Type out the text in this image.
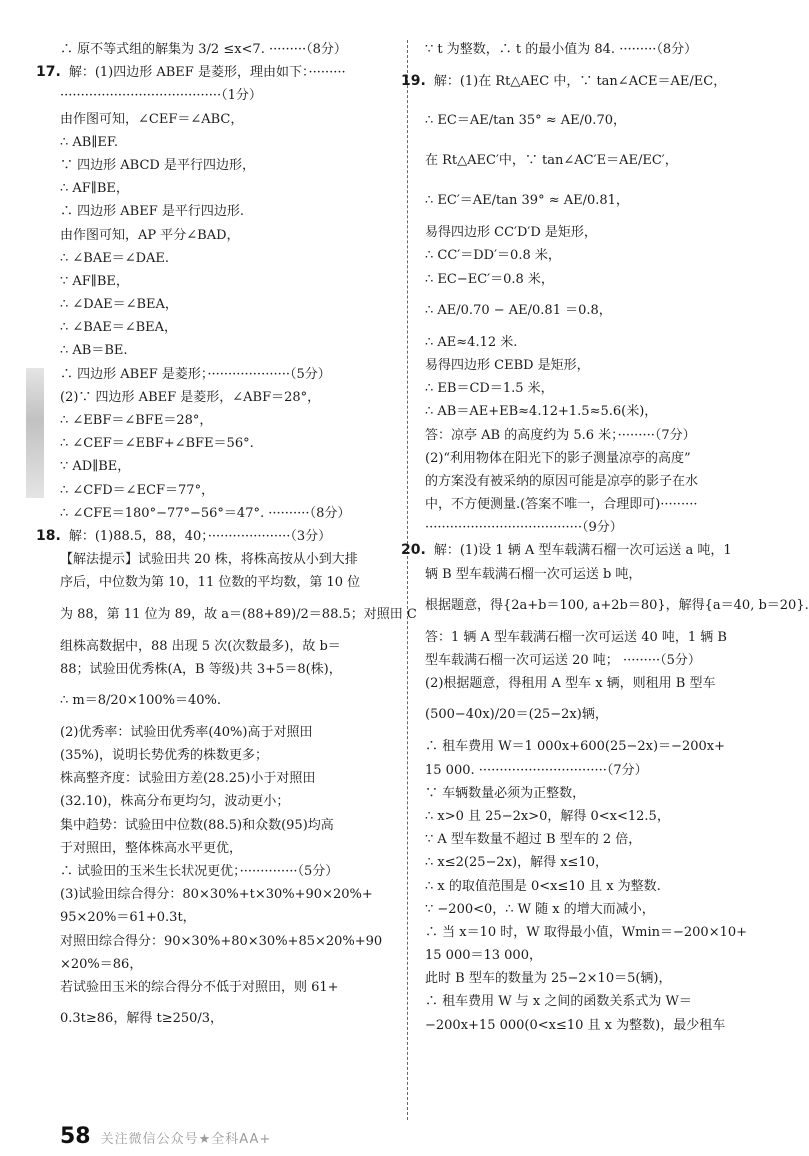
∴ 原不等式组的解集为 3/2 ≤x<7. ·········（8分）
17. 解：(1)四边形 ABEF 是菱形，理由如下：·········
·······································（1分）
由作图可知，∠CEF＝∠ABC，
∴ AB∥EF.
∵ 四边形 ABCD 是平行四边形，
∴ AF∥BE，
∴ 四边形 ABEF 是平行四边形.
由作图可知，AP 平分∠BAD，
∴ ∠BAE＝∠DAE.
∵ AF∥BE，
∴ ∠DAE＝∠BEA，
∴ ∠BAE＝∠BEA，
∴ AB＝BE.
∴ 四边形 ABEF 是菱形；····················（5分）
(2)∵ 四边形 ABEF 是菱形，∠ABF＝28°，
∴ ∠EBF＝∠BFE＝28°，
∴ ∠CEF＝∠EBF+∠BFE＝56°.
∵ AD∥BE，
∴ ∠CFD＝∠ECF＝77°，
∴ ∠CFE＝180°−77°−56°＝47°. ··········（8分）
18. 解：(1)88.5，88，40；····················（3分）
【解法提示】试验田共 20 株，将株高按从小到大排
序后，中位数为第 10，11 位数的平均数，第 10 位
为 88，第 11 位为 89，故 a＝(88+89)/2＝88.5；对照田 C
组株高数据中，88 出现 5 次(次数最多)，故 b＝
88；试验田优秀株(A，B 等级)共 3+5＝8(株)，
∴ m＝8/20×100%＝40%.
(2)优秀率：试验田优秀率(40%)高于对照田
(35%)，说明长势优秀的株数更多；
株高整齐度：试验田方差(28.25)小于对照田
(32.10)，株高分布更均匀，波动更小；
集中趋势：试验田中位数(88.5)和众数(95)均高
于对照田，整体株高水平更优，
∴ 试验田的玉米生长状况更优；··············（5分）
(3)试验田综合得分：80×30%+t×30%+90×20%+
95×20%＝61+0.3t，
对照田综合得分：90×30%+80×30%+85×20%+90
×20%＝86，
若试验田玉米的综合得分不低于对照田，则 61+
0.3t≥86，解得 t≥250/3，
∵ t 为整数，∴ t 的最小值为 84. ·········（8分）
19. 解：(1)在 Rt△AEC 中，∵ tan∠ACE＝AE/EC，
∴ EC＝AE/tan 35° ≈ AE/0.70，
在 Rt△AEC′中，∵ tan∠AC′E＝AE/EC′，
∴ EC′＝AE/tan 39° ≈ AE/0.81，
易得四边形 CC′D′D 是矩形，
∴ CC′＝DD′＝0.8 米，
∴ EC−EC′＝0.8 米，
∴ AE/0.70 − AE/0.81 ＝0.8，
∴ AE≈4.12 米.
易得四边形 CEBD 是矩形，
∴ EB＝CD＝1.5 米，
∴ AB＝AE+EB≈4.12+1.5≈5.6(米)，
答：凉亭 AB 的高度约为 5.6 米；·········（7分）
(2)“利用物体在阳光下的影子测量凉亭的高度”
的方案没有被采纳的原因可能是凉亭的影子在水
中，不方便测量.(答案不唯一，合理即可)·········
······································（9分）
20. 解：(1)设 1 辆 A 型车载满石榴一次可运送 a 吨，1
辆 B 型车载满石榴一次可运送 b 吨，
根据题意，得{2a+b＝100, a+2b＝80}，解得{a＝40, b＝20}.
答：1 辆 A 型车载满石榴一次可运送 40 吨，1 辆 B
型车载满石榴一次可运送 20 吨； ·········（5分）
(2)根据题意，得租用 A 型车 x 辆，则租用 B 型车
(500−40x)/20＝(25−2x)辆，
∴ 租车费用 W＝1 000x+600(25−2x)＝−200x+
15 000. ·······························（7分）
∵ 车辆数量必须为正整数，
∴ x>0 且 25−2x>0，解得 0<x<12.5，
∵ A 型车数量不超过 B 型车的 2 倍，
∴ x≤2(25−2x)，解得 x≤10，
∴ x 的取值范围是 0<x≤10 且 x 为整数.
∵ −200<0，∴ W 随 x 的增大而减小，
∴ 当 x＝10 时，W 取得最小值，Wmin＝−200×10+
15 000＝13 000，
此时 B 型车的数量为 25−2×10＝5(辆)，
∴ 租车费用 W 与 x 之间的函数关系式为 W＝
−200x+15 000(0<x≤10 且 x 为整数)，最少租车
58 关注微信公众号★全科AA+
